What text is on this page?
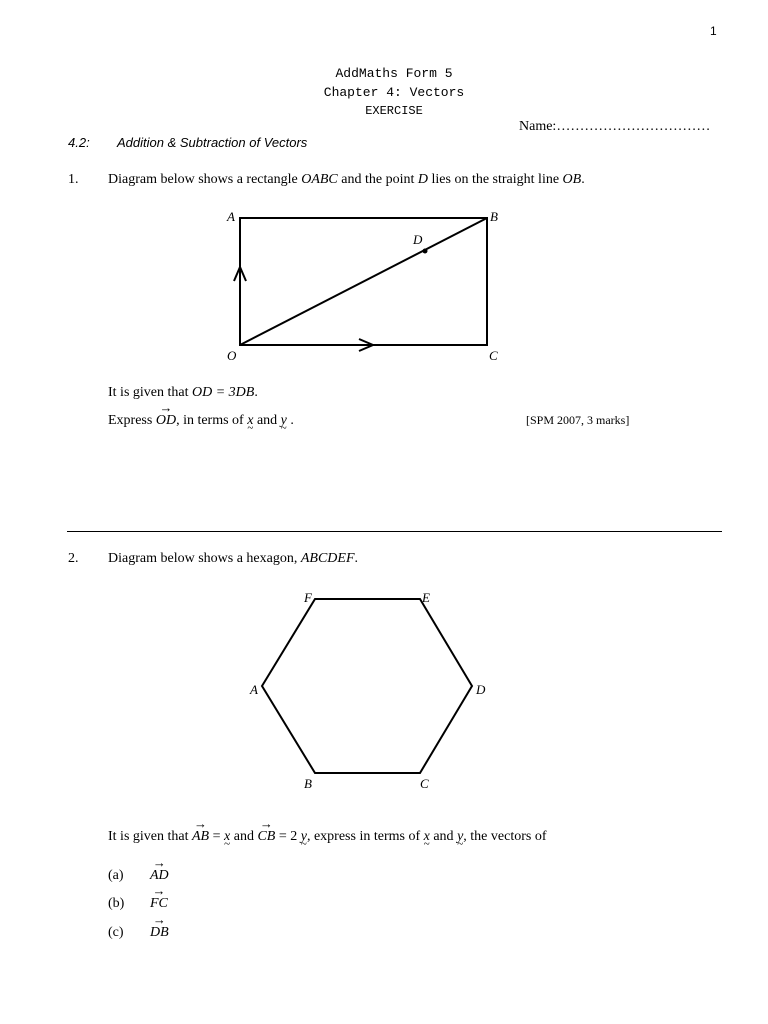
1
AddMaths Form 5
Chapter 4: Vectors
EXERCISE
Name:……………………………
4.2: Addition & Subtraction of Vectors
1. Diagram below shows a rectangle OABC and the point D lies on the straight line OB.
A	B
D
O	C
F	E
A	D
B	C
It is given that OD = 3DB.
Express → OD, in terms of x ~ and y ~ .	[SPM 2007, 3 marks]
2. Diagram below shows a hexagon, ABCDEF.
It is given that → AB = x ~ and → CB = 2 y ~, express in terms of x ~ and y ~, the vectors of
(a) → AD
(b) → FC
(c) → DB
